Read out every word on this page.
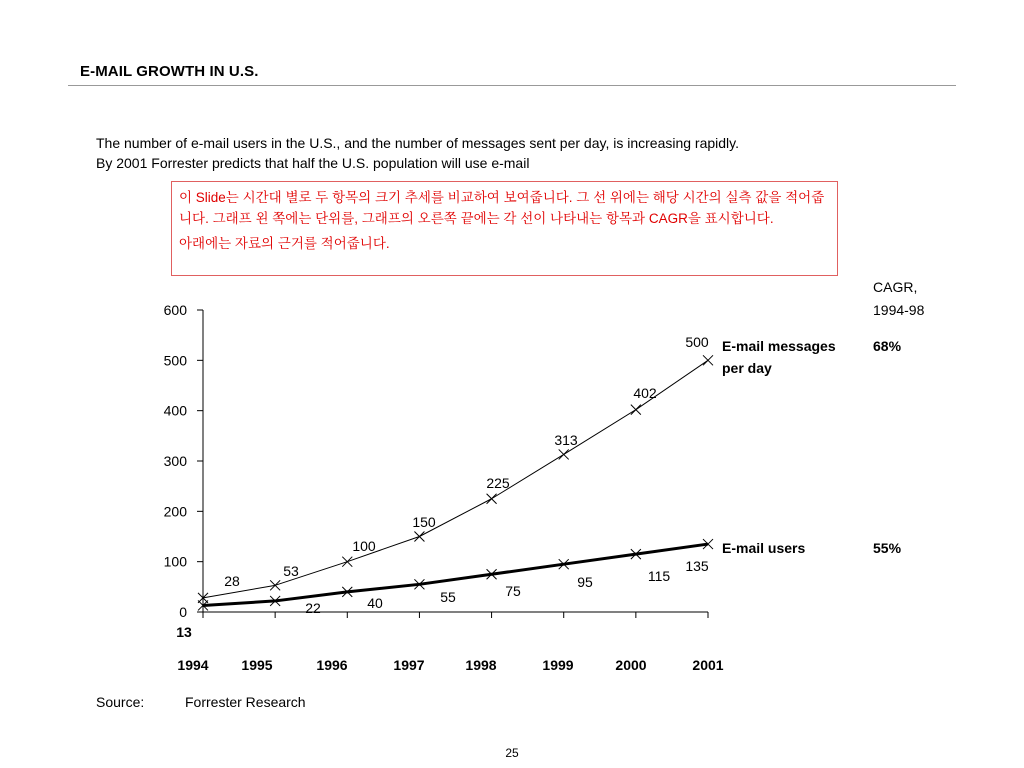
E-MAIL GROWTH IN U.S.
The number of e-mail users in the U.S., and the number of messages sent per day, is increasing rapidly.
By 2001 Forrester predicts that half the U.S. population will use e-mail

이 Slide는 시간대 별로 두 항목의 크기 추세를 비교하여 보여줍니다. 그 선 위에는 해당 시간의 실측 값을 적어줍니다. 그래프 왼 쪽에는 단위를, 그래프의 오른쪽 끝에는 각 선이 나타내는 항목과 CAGR을 표시합니다.

아래에는 자료의 근거를 적어줍니다.

0
100
200
300
400
500
600
1994 1995	1996	1997	1998	1999	2000	2001
28
53
100
150
225
313
402
500
13
22	40	55	75
95	115
135
E-mail messages
per day
68%
E-mail users	55%
CAGR,
1994-98
Source:	Forrester Research
25
